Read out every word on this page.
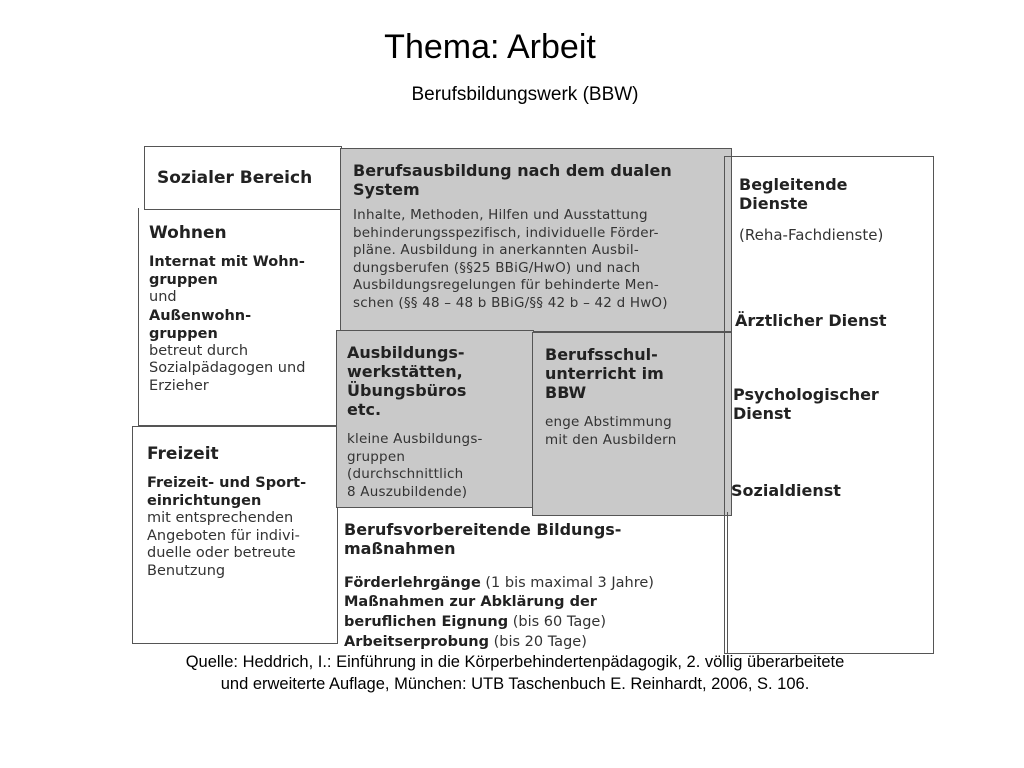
Thema: Arbeit
Berufsbildungswerk (BBW)
Sozialer Bereich
Wohnen
Internat mit Wohn-
gruppen
und
Außenwohn-
gruppen
betreut durch
Sozialpädagogen und
Erzieher
Freizeit
Freizeit- und Sport-
einrichtungen
mit entsprechenden
Angeboten für indivi-
duelle oder betreute
Benutzung
Berufsausbildung nach dem dualen
System
Inhalte, Methoden, Hilfen und Ausstattung
behinderungsspezifisch, individuelle Förder-
pläne. Ausbildung in anerkannten Ausbil-
dungsberufen (§§25 BBiG/HwO) und nach
Ausbildungsregelungen für behinderte Men-
schen (§§ 48 – 48 b BBiG/§§ 42 b – 42 d HwO)
Ausbildungs-
werkstätten,
Übungsbüros
etc.
kleine Ausbildungs-
gruppen
(durchschnittlich
8 Auszubildende)
Berufsschul-
unterricht im
BBW
enge Abstimmung
mit den Ausbildern
Berufsvorbereitende Bildungs-
maßnahmen
Förderlehrgänge (1 bis maximal 3 Jahre)
Maßnahmen zur Abklärung der
beruflichen Eignung (bis 60 Tage)
Arbeitserprobung (bis 20 Tage)
Begleitende
Dienste
(Reha-Fachdienste)
Ärztlicher Dienst
Psychologischer
Dienst
Sozialdienst
Quelle: Heddrich, I.: Einführung in die Körperbehindertenpädagogik, 2. völlig überarbeitete
und erweiterte Auflage, München: UTB Taschenbuch E. Reinhardt, 2006, S. 106.
